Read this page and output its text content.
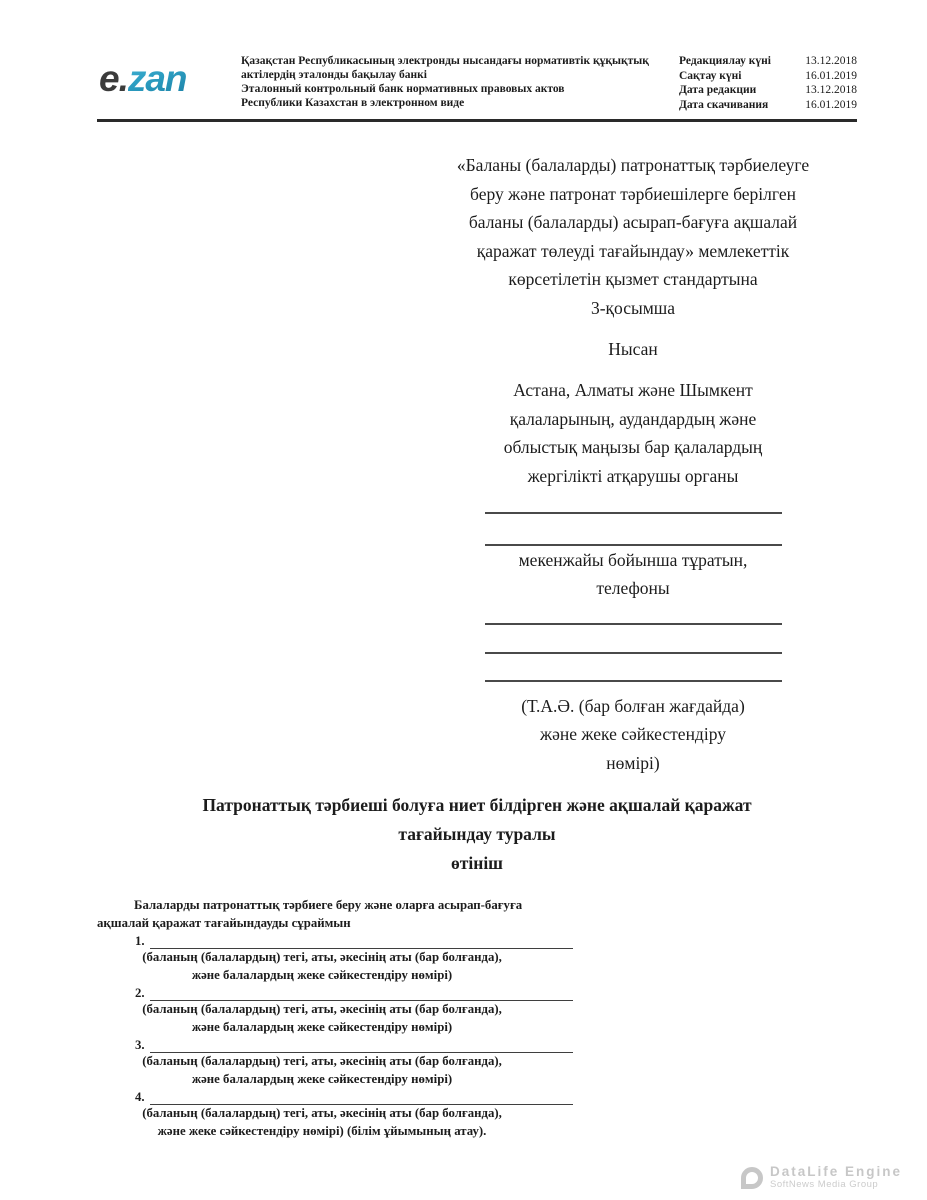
e.zan	Қазақстан Республикасының электронды нысандағы нормативтік құқықтық
актілердің эталонды бақылау банкі
Эталонный контрольный банк нормативных правовых актов
Республики Казахстан в электронном виде
Редакциялау күні	13.12.2018
Сақтау күні	16.01.2019
Дата редакции	13.12.2018
Дата скачивания	16.01.2019
«Баланы (балаларды) патронаттық тәрбиелеуге
беру және патронат тәрбиешілерге берілген
баланы (балаларды) асырап-бағуға ақшалай
қаражат төлеуді тағайындау» мемлекеттік
көрсетілетін қызмет стандартына
3-қосымша
Нысан
Астана, Алматы және Шымкент
қалаларының, аудандардың және
облыстық маңызы бар қалалардың
жергілікті атқарушы органы
мекенжайы бойынша тұратын,
телефоны
(Т.А.Ә. (бар болған жағдайда)
және жеке сәйкестендіру
нөмірі)
Патронаттық тәрбиеші болуға ниет білдірген және ақшалай қаражат
тағайындау туралы
өтініш
Балаларды патронаттық тәрбиеге беру және оларға асырап-бағуға ақшалай қаражат тағайындауды сұраймын
1.
(баланың (балалардың) тегі, аты, әкесінің аты (бар болғанда),
және балалардың жеке сәйкестендіру нөмірі)
2.
(баланың (балалардың) тегі, аты, әкесінің аты (бар болғанда),
және балалардың жеке сәйкестендіру нөмірі)
3.
(баланың (балалардың) тегі, аты, әкесінің аты (бар болғанда),
және балалардың жеке сәйкестендіру нөмірі)
4.
(баланың (балалардың) тегі, аты, әкесінің аты (бар болғанда),
және жеке сәйкестендіру нөмірі) (білім ұйымының атау).
DataLife Engine
SoftNews Media Group
